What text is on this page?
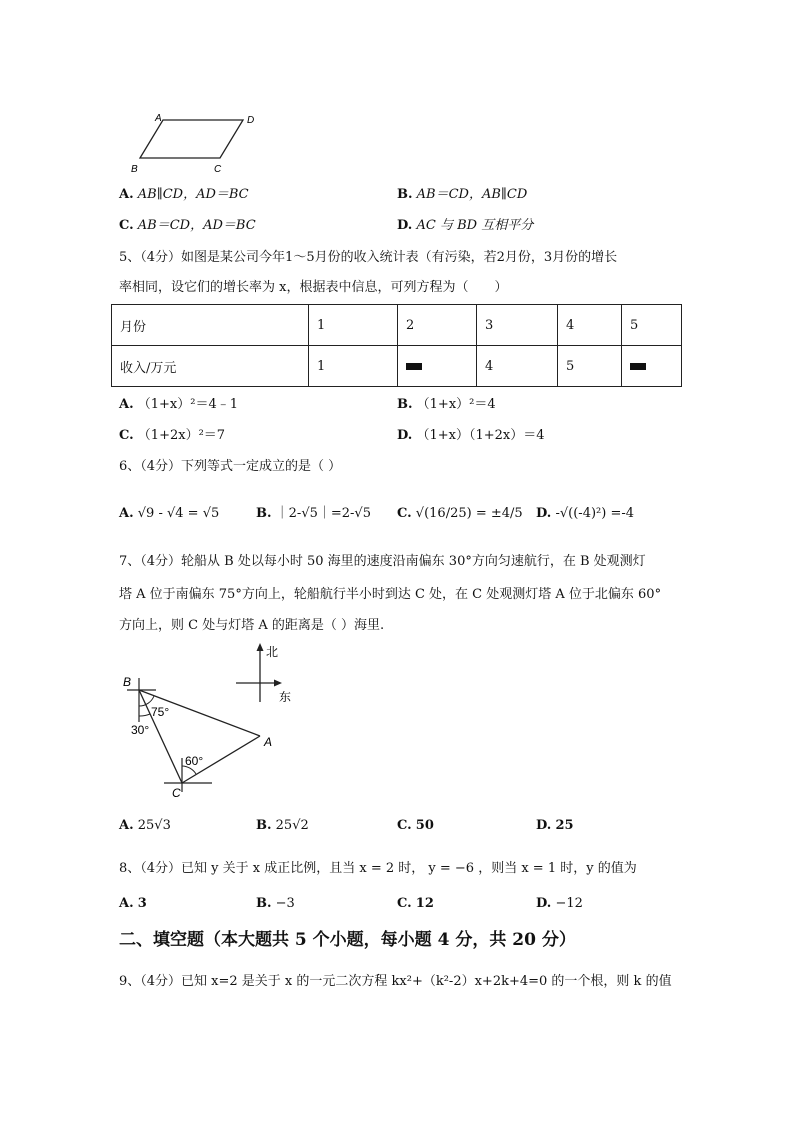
A	D
B	C
A. AB∥CD，AD＝BC	B. AB＝CD，AB∥CD
C. AB＝CD，AD＝BC	D. AC 与 BD 互相平分
5、（4分）如图是某公司今年1～5月份的收入统计表（有污染，若2月份，3月份的增长
率相同，设它们的增长率为 x，根据表中信息，可列方程为（　　）
月份	1	2	3	4	5
收入/万元	1		4	5	
A. （1+x）²＝4﹣1	B. （1+x）²＝4
C. （1+2x）²＝7	D. （1+x）（1+2x）＝4
6、（4分）下列等式一定成立的是（ ）
A. √9 - √4 = √5	B. ｜2-√5｜=2-√5 C. √(16/25) = ±4/5 D. -√((-4)²) =-4
7、（4分）轮船从 B 处以每小时 50 海里的速度沿南偏东 30°方向匀速航行，在 B 处观测灯
塔 A 位于南偏东 75°方向上，轮船航行半小时到达 C 处，在 C 处观测灯塔 A 位于北偏东 60°
方向上，则 C 处与灯塔 A 的距离是（ ）海里.
北
东
B
A
C
75°
30°
60°
A. 25√3	B. 25√2	C. 50	D. 25
8、（4分）已知 y 关于 x 成正比例，且当 x = 2 时， y = −6 ，则当 x = 1 时，y 的值为
A. 3	B. −3	C. 12	D. −12
二、填空题（本大题共 5 个小题，每小题 4 分，共 20 分）
9、（4分）已知 x=2 是关于 x 的一元二次方程 kx²+（k²-2）x+2k+4=0 的一个根，则 k 的值
